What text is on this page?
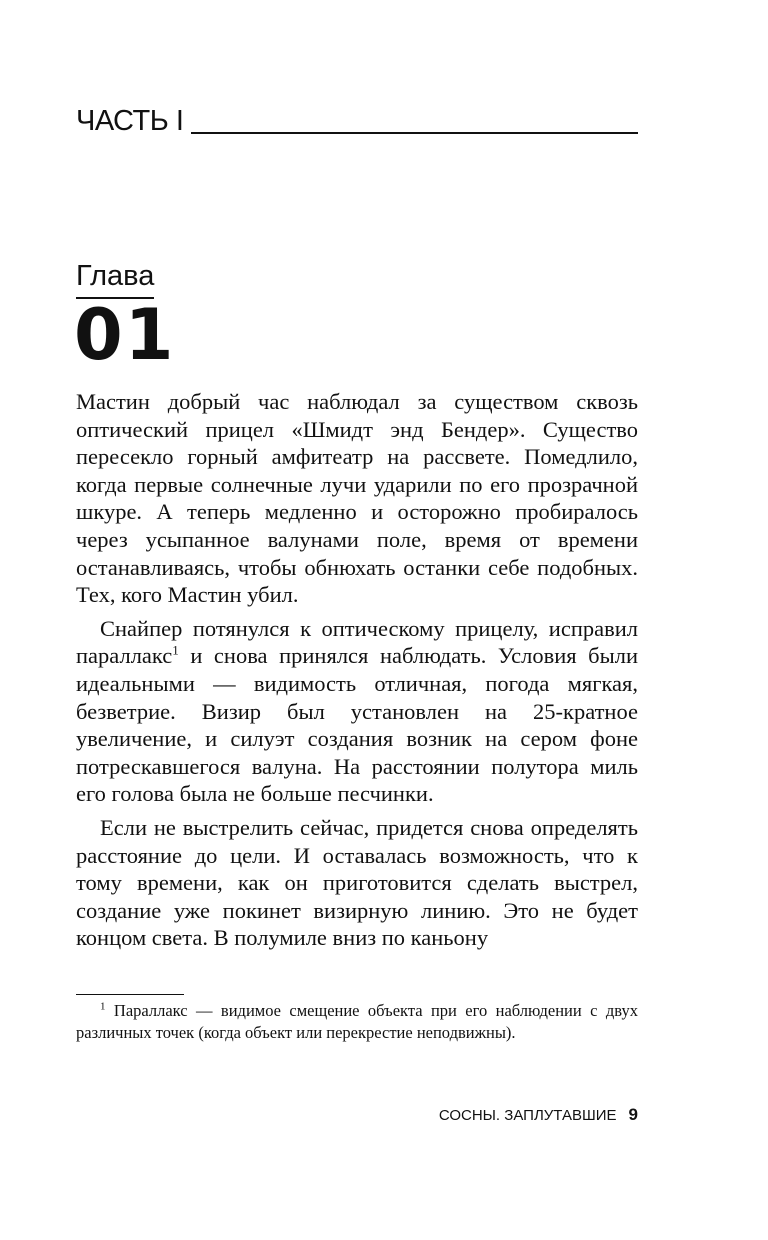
ЧАСТЬ I
Глава
01

Мастин добрый час наблюдал за существом сквозь оптический прицел «Шмидт энд Бендер». Существо пересекло горный амфитеатр на рассвете. Помедлило, когда первые солнечные лучи ударили по его прозрачной шкуре. А теперь медленно и осторожно пробиралось через усыпанное валунами поле, время от времени останавливаясь, чтобы обнюхать останки себе подобных. Тех, кого Мастин убил.

Снайпер потянулся к оптическому прицелу, исправил параллакс$^1$ и снова принялся наблюдать. Условия были идеальными — видимость отличная, погода мягкая, безветрие. Визир был установлен на 25-кратное увеличение, и силуэт создания возник на сером фоне потрескавшегося валуна. На расстоянии полутора миль его голова была не больше песчинки.

Если не выстрелить сейчас, придется снова определять расстояние до цели. И оставалась возможность, что к тому времени, как он приготовится сделать выстрел, создание уже покинет визирную линию. Это не будет концом света. В полумиле вниз по каньону

$^1$ Параллакс — видимое смещение объекта при его наблюдении с двух различных точек (когда объект или перекрестие неподвижны).
СОСНЫ. ЗАПЛУТАВШИЕ 9
